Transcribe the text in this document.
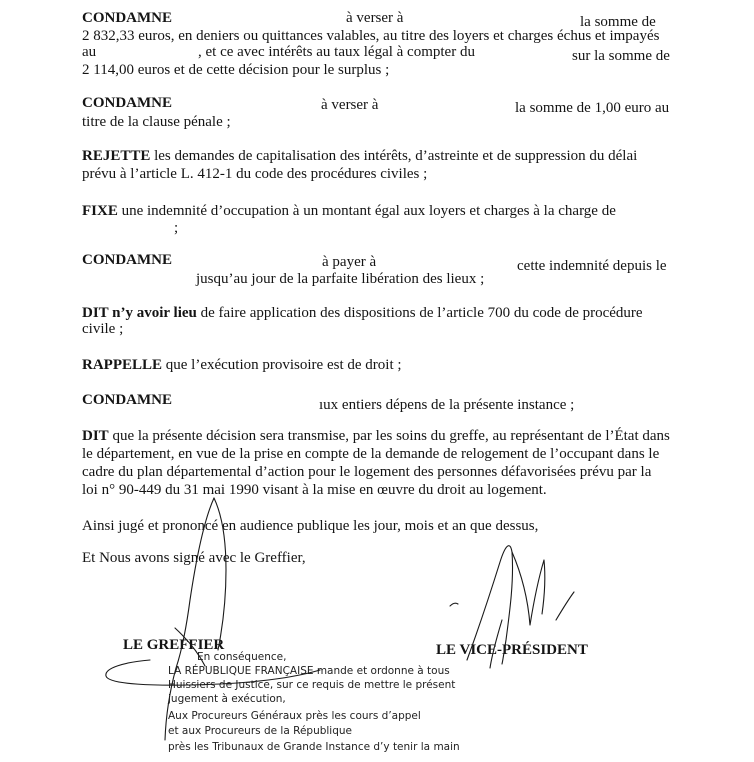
CONDAMNE	à verser à	la somme de
2 832,33 euros, en deniers ou quittances valables, au titre des loyers et charges échus et impayés
au	, et ce avec intérêts au taux légal à compter du	sur la somme de
2 114,00 euros et de cette décision pour le surplus ;
CONDAMNE	à verser à	la somme de 1,00 euro au
titre de la clause pénale ;
REJETTE les demandes de capitalisation des intérêts, d’astreinte et de suppression du délai
prévu à l’article L. 412-1 du code des procédures civiles ;
FIXE une indemnité d’occupation à un montant égal aux loyers et charges à la charge de
;
CONDAMNE	à payer à	cette indemnité depuis le
jusqu’au jour de la parfaite libération des lieux ;
DIT n’y avoir lieu de faire application des dispositions de l’article 700 du code de procédure
civile ;
RAPPELLE que l’exécution provisoire est de droit ;
CONDAMNE	ıux entiers dépens de la présente instance ;
DIT que la présente décision sera transmise, par les soins du greffe, au représentant de l’État dans
le département, en vue de la prise en compte de la demande de relogement de l’occupant dans le
cadre du plan départemental d’action pour le logement des personnes défavorisées prévu par la
loi n° 90-449 du 31 mai 1990 visant à la mise en œuvre du droit au logement.
Ainsi jugé et prononcé en audience publique les jour, mois et an que dessus,
Et Nous avons signé avec le Greffier,
LE GREFFIER	LE VICE-PRÉSIDENT
En conséquence,
LA RÉPUBLIQUE FRANÇAISE mande et ordonne à tous
Huissiers de Justice, sur ce requis de mettre le présent
jugement à exécution,
Aux Procureurs Généraux près les cours d’appel
et aux Procureurs de la République
près les Tribunaux de Grande Instance d’y tenir la main
